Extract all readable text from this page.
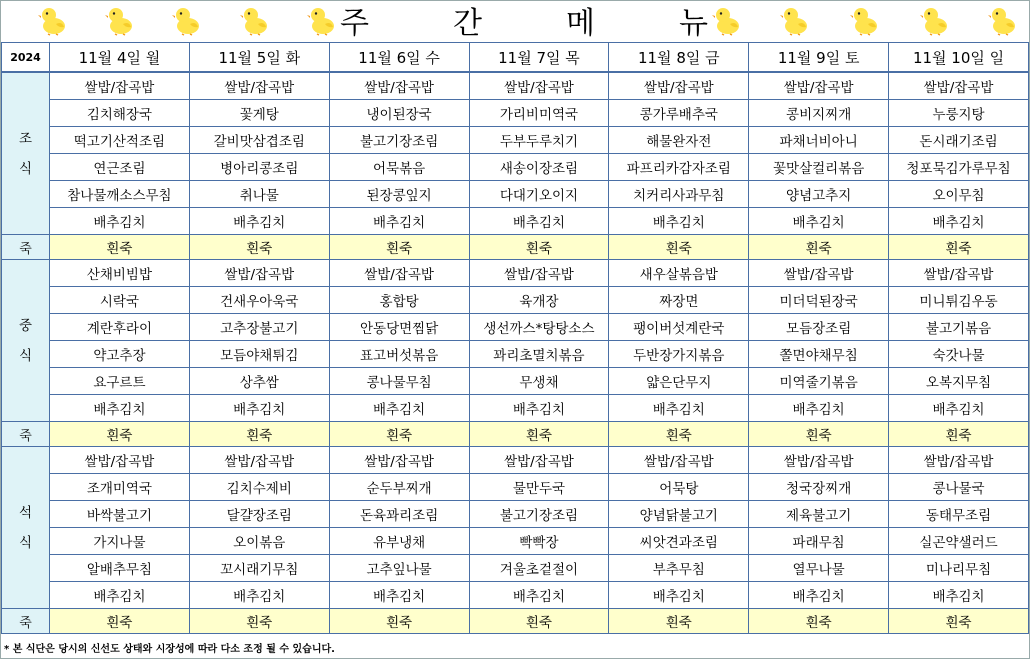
주	간	메	뉴
2024	11월 4일 월	11월 5일 화	11월 6일 수	11월 7일 목	11월 8일 금	11월 9일 토	11월 10일 일
조
식	쌀밥/잡곡밥	쌀밥/잡곡밥	쌀밥/잡곡밥	쌀밥/잡곡밥	쌀밥/잡곡밥	쌀밥/잡곡밥	쌀밥/잡곡밥
	김치해장국	꽃게탕	냉이된장국	가리비미역국	콩가루배추국	콩비지찌개	누룽지탕
	떡고기산적조림	갈비맛삼겹조림	불고기장조림	두부두루치기	해물완자전	파채너비아니	돈시래기조림
	연근조림	병아리콩조림	어묵볶음	새송이장조림	파프리카감자조림	꽃맛살컬리볶음	청포묵김가루무침
	참나물깨소스무침	취나물	된장콩잎지	다대기오이지	치커리사과무침	양념고추지	오이무침
	배추김치	배추김치	배추김치	배추김치	배추김치	배추김치	배추김치
죽	흰죽	흰죽	흰죽	흰죽	흰죽	흰죽	흰죽
중
식	산채비빔밥	쌀밥/잡곡밥	쌀밥/잡곡밥	쌀밥/잡곡밥	새우살볶음밥	쌀밥/잡곡밥	쌀밥/잡곡밥
	시락국	건새우아욱국	홍합탕	육개장	짜장면	미더덕된장국	미니튀김우동
	계란후라이	고추장불고기	안동당면찜닭	생선까스*탕탕소스	팽이버섯계란국	모듬장조림	불고기볶음
	약고추장	모듬야채튀김	표고버섯볶음	꽈리초멸치볶음	두반장가지볶음	쫄면야채무침	숙갓나물
	요구르트	상추쌈	콩나물무침	무생채	얇은단무지	미역줄기볶음	오복지무침
	배추김치	배추김치	배추김치	배추김치	배추김치	배추김치	배추김치
죽	흰죽	흰죽	흰죽	흰죽	흰죽	흰죽	흰죽
석
식	쌀밥/잡곡밥	쌀밥/잡곡밥	쌀밥/잡곡밥	쌀밥/잡곡밥	쌀밥/잡곡밥	쌀밥/잡곡밥	쌀밥/잡곡밥
	조개미역국	김치수제비	순두부찌개	물만두국	어묵탕	청국장찌개	콩나물국
	바싹불고기	달걀장조림	돈육꽈리조림	불고기장조림	양념닭불고기	제육불고기	동태무조림
	가지나물	오이볶음	유부냉채	빡빡장	씨앗견과조림	파래무침	실곤약샐러드
	알배추무침	꼬시래기무침	고추잎나물	겨울초겉절이	부추무침	열무나물	미나리무침
	배추김치	배추김치	배추김치	배추김치	배추김치	배추김치	배추김치
죽	흰죽	흰죽	흰죽	흰죽	흰죽	흰죽	흰죽
* 본 식단은 당시의 신선도 상태와 시장성에 따라 다소 조정 될 수 있습니다.
